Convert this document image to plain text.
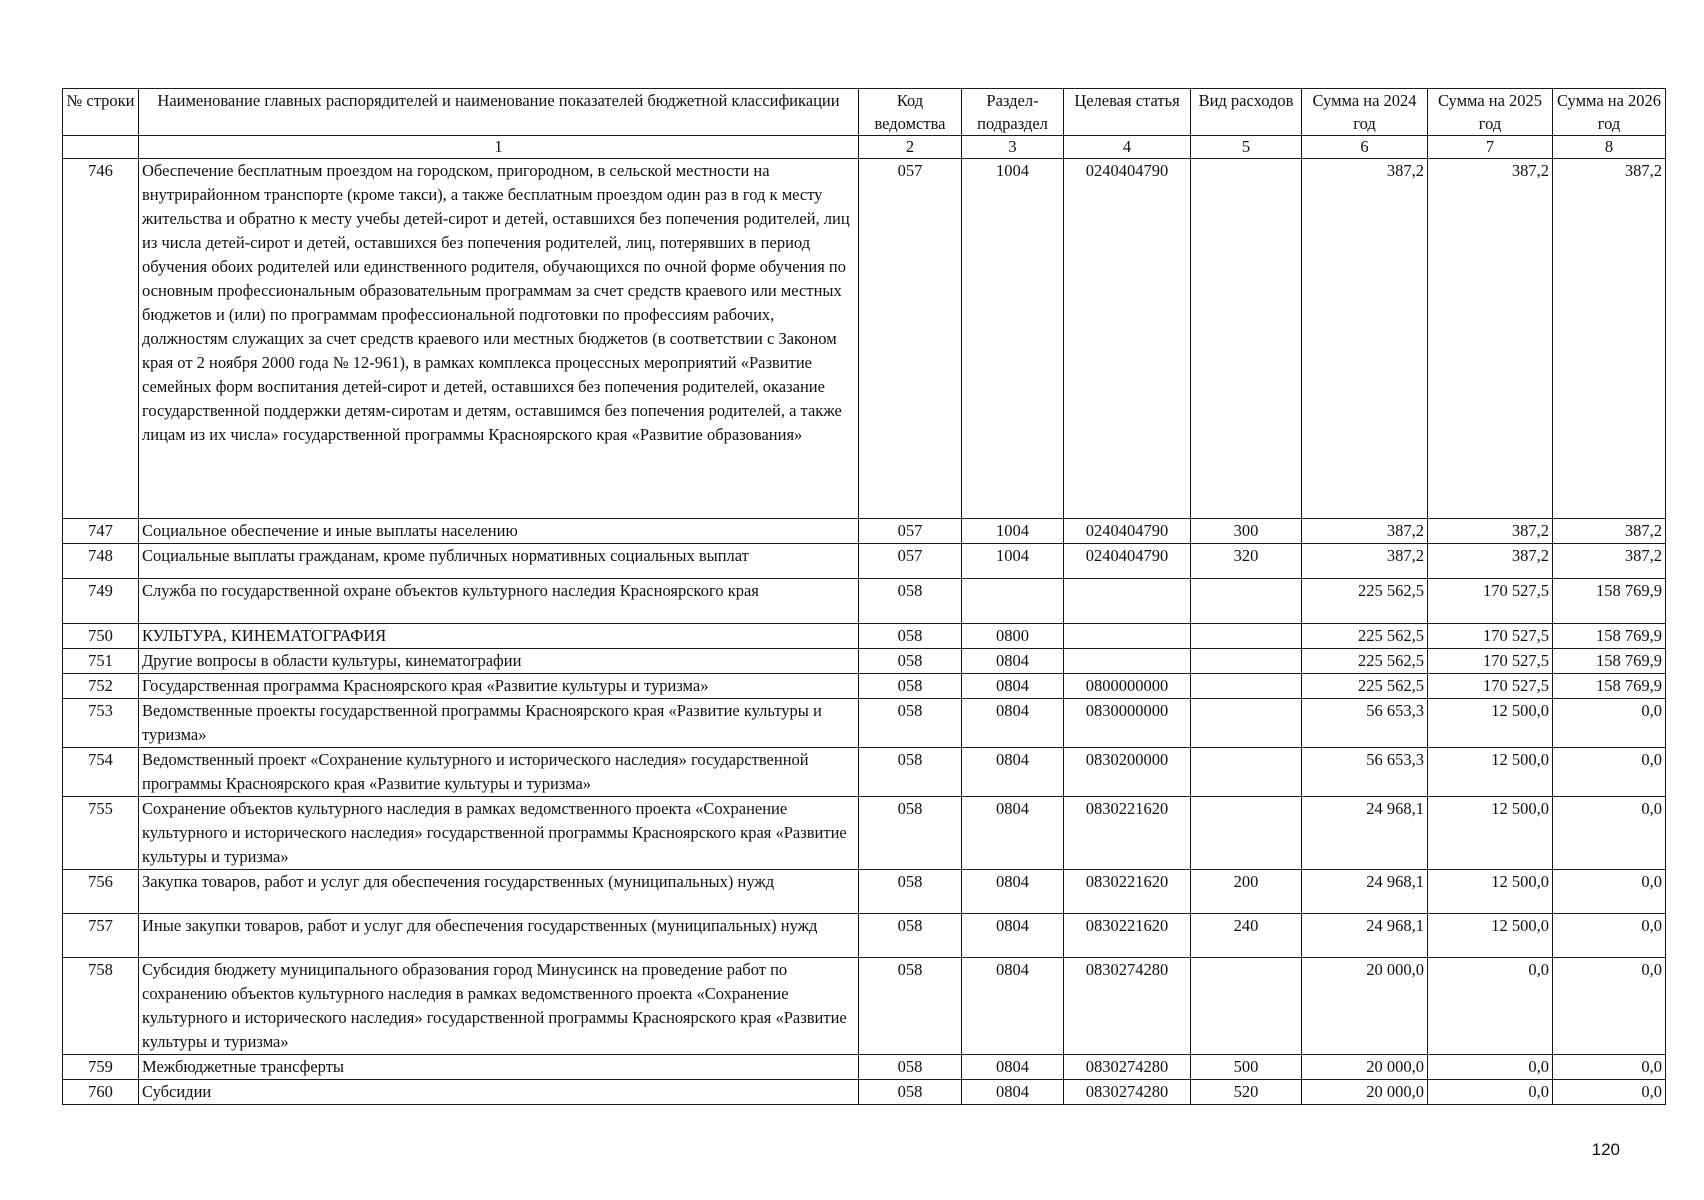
№ строки	Наименование главных распорядителей и наименование показателей бюджетной классификации	Код ведомства	Раздел-подраздел	Целевая статья	Вид расходов	Сумма на 2024 год	Сумма на 2025 год	Сумма на 2026 год
	1	2	3	4	5	6	7	8
746	Обеспечение бесплатным проездом на городском, пригородном, в сельской местности на внутрирайонном транспорте (кроме такси), а также бесплатным проездом один раз в год к месту жительства и обратно к месту учебы детей-сирот и детей, оставшихся без попечения родителей, лиц из числа детей-сирот и детей, оставшихся без попечения родителей, лиц, потерявших в период обучения обоих родителей или единственного родителя, обучающихся по очной форме обучения по основным профессиональным образовательным программам за счет средств краевого или местных бюджетов и (или) по программам профессиональной подготовки по профессиям рабочих, должностям служащих за счет средств краевого или местных бюджетов (в соответствии с Законом края от 2 ноября 2000 года № 12-961), в рамках комплекса процессных мероприятий «Развитие семейных форм воспитания детей-сирот и детей, оставшихся без попечения родителей, оказание государственной поддержки детям-сиротам и детям, оставшимся без попечения родителей, а также лицам из их числа» государственной программы Красноярского края «Развитие образования»	057	1004	0240404790		387,2	387,2	387,2
747	Социальное обеспечение и иные выплаты населению	057	1004	0240404790	300	387,2	387,2	387,2
748	Социальные выплаты гражданам, кроме публичных нормативных социальных выплат	057	1004	0240404790	320	387,2	387,2	387,2
749	Служба по государственной охране объектов культурного наследия Красноярского края	058				225 562,5	170 527,5	158 769,9
750	КУЛЬТУРА, КИНЕМАТОГРАФИЯ	058	0800			225 562,5	170 527,5	158 769,9
751	Другие вопросы в области культуры, кинематографии	058	0804			225 562,5	170 527,5	158 769,9
752	Государственная программа Красноярского края «Развитие культуры и туризма»	058	0804	0800000000		225 562,5	170 527,5	158 769,9
753	Ведомственные проекты государственной программы Красноярского края «Развитие культуры и туризма»	058	0804	0830000000		56 653,3	12 500,0	0,0
754	Ведомственный проект «Сохранение культурного и исторического наследия» государственной программы Красноярского края «Развитие культуры и туризма»	058	0804	0830200000		56 653,3	12 500,0	0,0
755	Сохранение объектов культурного наследия в рамках ведомственного проекта «Сохранение культурного и исторического наследия» государственной программы Красноярского края «Развитие культуры и туризма»	058	0804	0830221620		24 968,1	12 500,0	0,0
756	Закупка товаров, работ и услуг для обеспечения государственных (муниципальных) нужд	058	0804	0830221620	200	24 968,1	12 500,0	0,0
757	Иные закупки товаров, работ и услуг для обеспечения государственных (муниципальных) нужд	058	0804	0830221620	240	24 968,1	12 500,0	0,0
758	Субсидия бюджету муниципального образования город Минусинск на проведение работ по сохранению объектов культурного наследия в рамках ведомственного проекта «Сохранение культурного и исторического наследия» государственной программы Красноярского края «Развитие культуры и туризма»	058	0804	0830274280		20 000,0	0,0	0,0
759	Межбюджетные трансферты	058	0804	0830274280	500	20 000,0	0,0	0,0
760	Субсидии	058	0804	0830274280	520	20 000,0	0,0	0,0
120
